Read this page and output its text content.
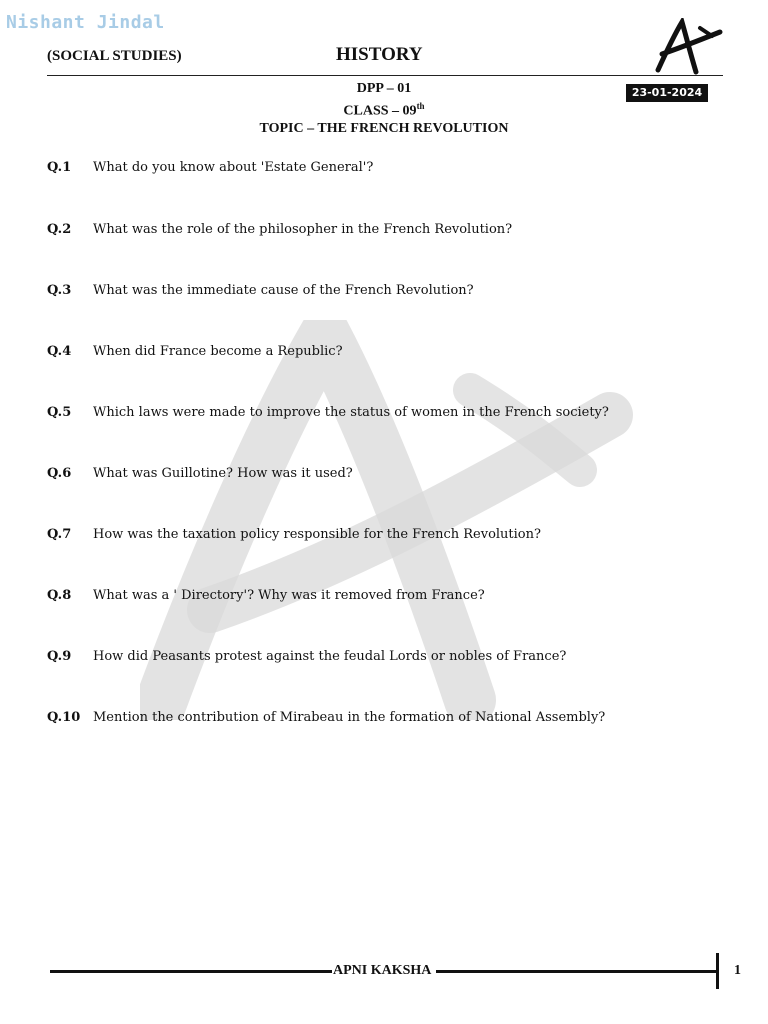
Nishant Jindal
(SOCIAL STUDIES)	HISTORY
23-01-2024
DPP – 01
CLASS – 09th
TOPIC – THE FRENCH REVOLUTION
Q.1 What do you know about 'Estate General'?
Q.2 What was the role of the philosopher in the French Revolution?
Q.3 What was the immediate cause of the French Revolution?
Q.4 When did France become a Republic?
Q.5 Which laws were made to improve the status of women in the French society?
Q.6 What was Guillotine? How was it used?
Q.7 How was the taxation policy responsible for the French Revolution?
Q.8 What was a ' Directory'? Why was it removed from France?
Q.9 How did Peasants protest against the feudal Lords or nobles of France?
Q.10 Mention the contribution of Mirabeau in the formation of National Assembly?
APNI KAKSHA	1
